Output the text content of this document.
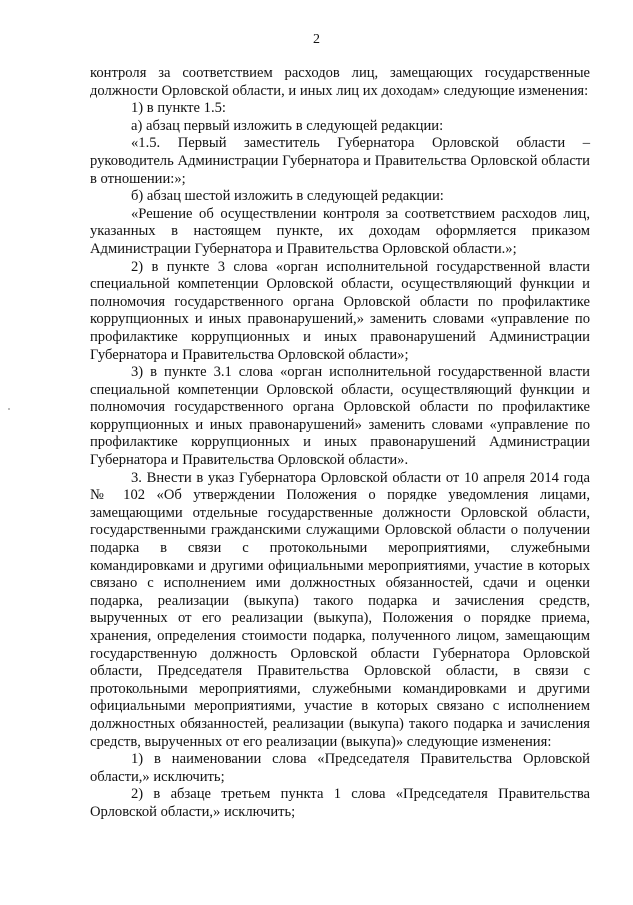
2

контроля за соответствием расходов лиц, замещающих государственные должности Орловской области, и иных лиц их доходам» следующие изменения:

1) в пункте 1.5:

а) абзац первый изложить в следующей редакции:

«1.5. Первый заместитель Губернатора Орловской области – руководитель Администрации Губернатора и Правительства Орловской области в отношении:»;

б) абзац шестой изложить в следующей редакции:

«Решение об осуществлении контроля за соответствием расходов лиц, указанных в настоящем пункте, их доходам оформляется приказом Администрации Губернатора и Правительства Орловской области.»;

2) в пункте 3 слова «орган исполнительной государственной власти специальной компетенции Орловской области, осуществляющий функции и полномочия государственного органа Орловской области по профилактике коррупционных и иных правонарушений,» заменить словами «управление по профилактике коррупционных и иных правонарушений Администрации Губернатора и Правительства Орловской области»;

3) в пункте 3.1 слова «орган исполнительной государственной власти специальной компетенции Орловской области, осуществляющий функции и полномочия государственного органа Орловской области по профилактике коррупционных и иных правонарушений» заменить словами «управление по профилактике коррупционных и иных правонарушений Администрации Губернатора и Правительства Орловской области».

3. Внести в указ Губернатора Орловской области от 10 апреля 2014 года № 102 «Об утверждении Положения о порядке уведомления лицами, замещающими отдельные государственные должности Орловской области, государственными гражданскими служащими Орловской области о получении подарка в связи с протокольными мероприятиями, служебными командировками и другими официальными мероприятиями, участие в которых связано с исполнением ими должностных обязанностей, сдачи и оценки подарка, реализации (выкупа) такого подарка и зачисления средств, вырученных от его реализации (выкупа), Положения о порядке приема, хранения, определения стоимости подарка, полученного лицом, замещающим государственную должность Орловской области Губернатора Орловской области, Председателя Правительства Орловской области, в связи с протокольными мероприятиями, служебными командировками и другими официальными мероприятиями, участие в которых связано с исполнением должностных обязанностей, реализации (выкупа) такого подарка и зачисления средств, вырученных от его реализации (выкупа)» следующие изменения:

1) в наименовании слова «Председателя Правительства Орловской области,» исключить;

2) в абзаце третьем пункта 1 слова «Председателя Правительства Орловской области,» исключить;
